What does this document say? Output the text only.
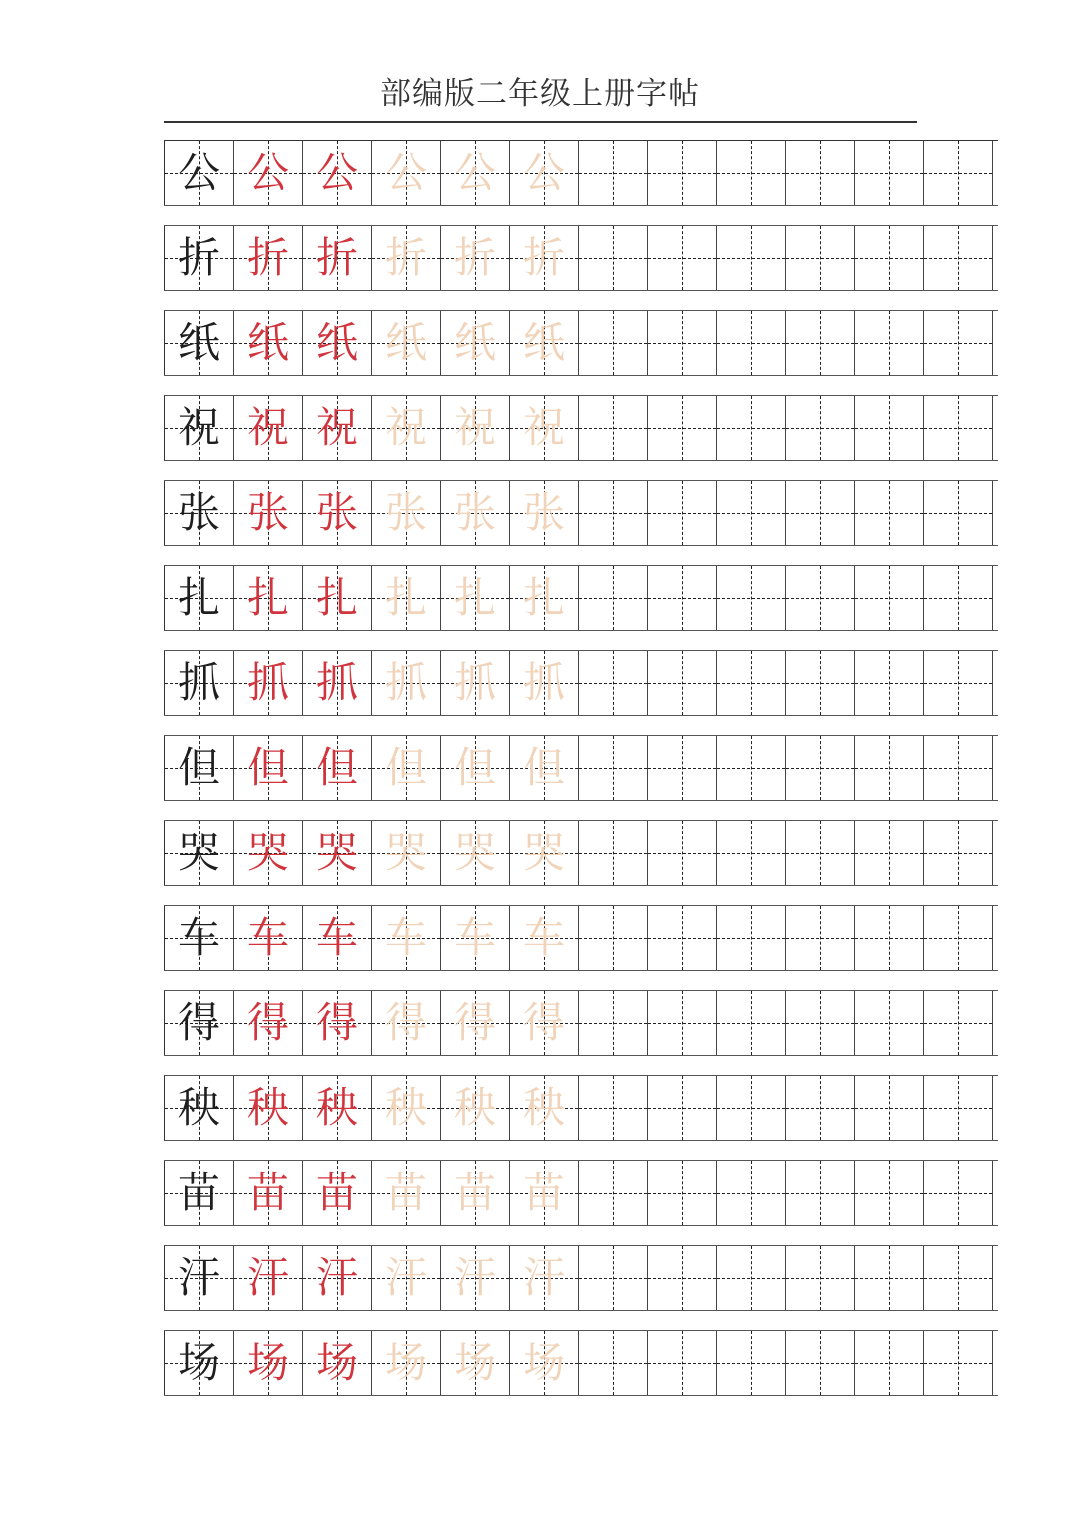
部编版二年级上册字帖
公 公 公 公 公 公
折 折 折 折 折 折
纸 纸 纸 纸 纸 纸
祝 祝 祝 祝 祝 祝
张 张 张 张 张 张
扎 扎 扎 扎 扎 扎
抓 抓 抓 抓 抓 抓
但 但 但 但 但 但
哭 哭 哭 哭 哭 哭
车 车 车 车 车 车
得 得 得 得 得 得
秧 秧 秧 秧 秧 秧
苗 苗 苗 苗 苗 苗
汗 汗 汗 汗 汗 汗
场 场 场 场 场 场
